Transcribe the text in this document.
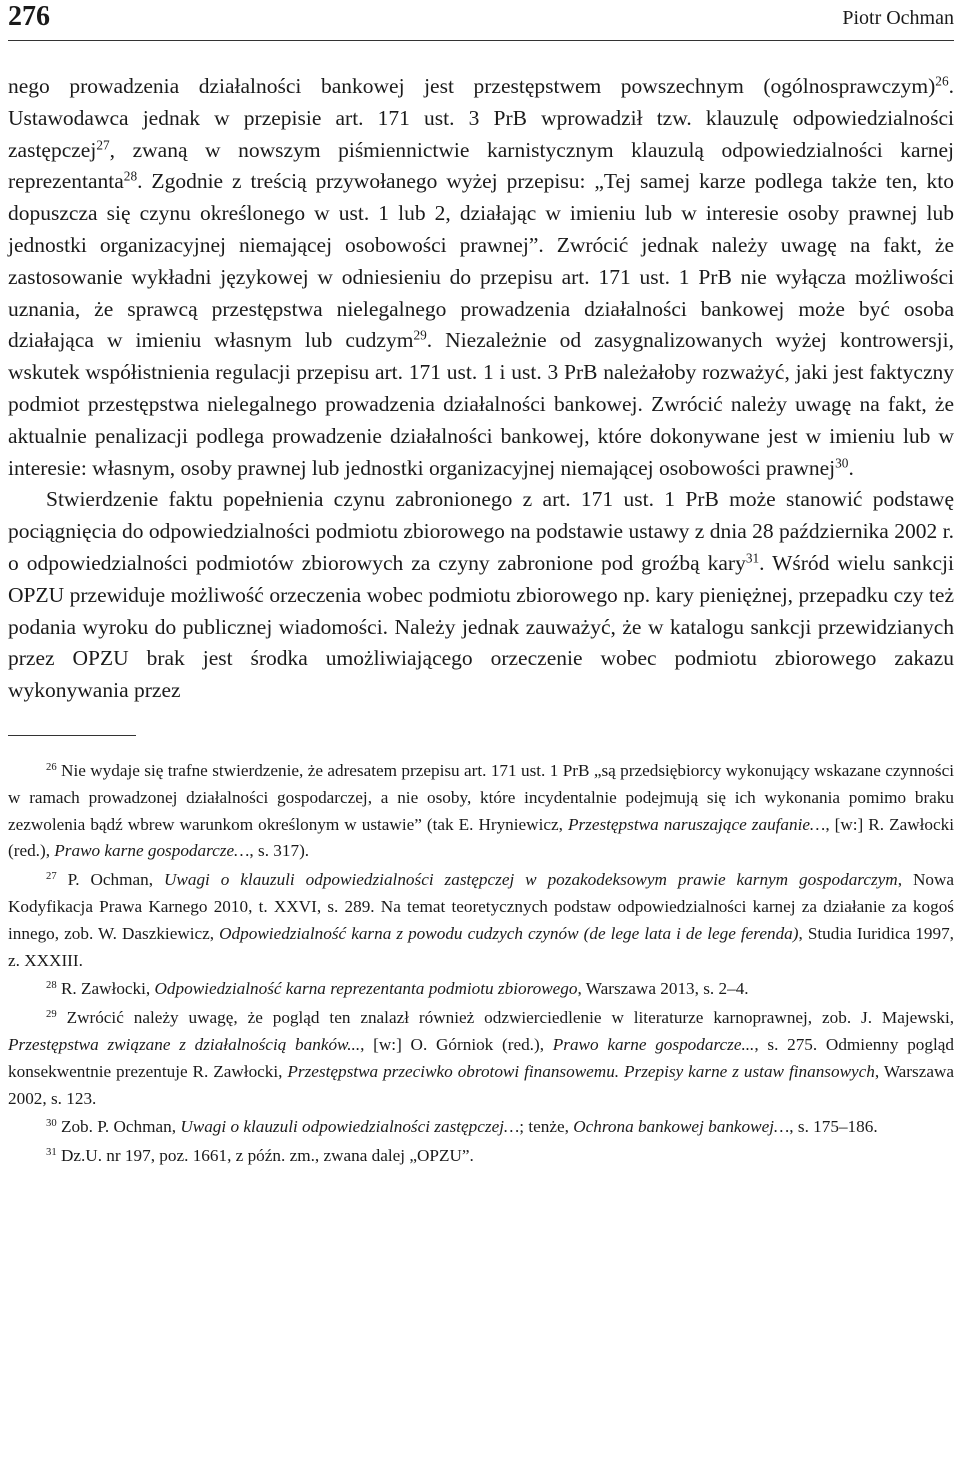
276	Piotr Ochman

nego prowadzenia działalności bankowej jest przestępstwem powszechnym (ogólnosprawczym)$^{26}$. Ustawodawca jednak w przepisie art. 171 ust. 3 PrB wprowadził tzw. klauzulę odpowiedzialności zastępczej$^{27}$, zwaną w nowszym piśmiennictwie karnistycznym klauzulą odpowiedzialności karnej reprezentanta$^{28}$. Zgodnie z treścią przywołanego wyżej przepisu: „Tej samej karze podlega także ten, kto dopuszcza się czynu określonego w ust. 1 lub 2, działając w imieniu lub w interesie osoby prawnej lub jednostki organizacyjnej niemającej osobowości prawnej”. Zwrócić jednak należy uwagę na fakt, że zastosowanie wykładni językowej w odniesieniu do przepisu art. 171 ust. 1 PrB nie wyłącza możliwości uznania, że sprawcą przestępstwa nielegalnego prowadzenia działalności bankowej może być osoba działająca w imieniu własnym lub cudzym$^{29}$. Niezależnie od zasygnalizowanych wyżej kontrowersji, wskutek współistnienia regulacji przepisu art. 171 ust. 1 i ust. 3 PrB należałoby rozważyć, jaki jest faktyczny podmiot przestępstwa nielegalnego prowadzenia działalności bankowej. Zwrócić należy uwagę na fakt, że aktualnie penalizacji podlega prowadzenie działalności bankowej, które dokonywane jest w imieniu lub w interesie: własnym, osoby prawnej lub jednostki organizacyjnej niemającej osobowości prawnej$^{30}$.

Stwierdzenie faktu popełnienia czynu zabronionego z art. 171 ust. 1 PrB może stanowić podstawę pociągnięcia do odpowiedzialności podmiotu zbiorowego na podstawie ustawy z dnia 28 października 2002 r. o odpowiedzialności podmiotów zbiorowych za czyny zabronione pod groźbą kary$^{31}$. Wśród wielu sankcji OPZU przewiduje możliwość orzeczenia wobec podmiotu zbiorowego np. kary pieniężnej, przepadku czy też podania wyroku do publicznej wiadomości. Należy jednak zauważyć, że w katalogu sankcji przewidzianych przez OPZU brak jest środka umożliwiającego orzeczenie wobec podmiotu zbiorowego zakazu wykonywania przez

$^{26}$ Nie wydaje się trafne stwierdzenie, że adresatem przepisu art. 171 ust. 1 PrB „są przedsiębiorcy wykonujący wskazane czynności w ramach prowadzonej działalności gospodarczej, a nie osoby, które incydentalnie podejmują się ich wykonania pomimo braku zezwolenia bądź wbrew warunkom określonym w ustawie” (tak E. Hryniewicz, Przestępstwa naruszające zaufanie…, [w:] R. Zawłocki (red.), Prawo karne gospodarcze…, s. 317).

$^{27}$ P. Ochman, Uwagi o klauzuli odpowiedzialności zastępczej w pozakodeksowym prawie karnym gospodarczym, Nowa Kodyfikacja Prawa Karnego 2010, t. XXVI, s. 289. Na temat teoretycznych podstaw odpowiedzialności karnej za działanie za kogoś innego, zob. W. Daszkiewicz, Odpowiedzialność karna z powodu cudzych czynów (de lege lata i de lege ferenda), Studia Iuridica 1997, z. XXXIII.

$^{28}$ R. Zawłocki, Odpowiedzialność karna reprezentanta podmiotu zbiorowego, Warszawa 2013, s. 2–4.

$^{29}$ Zwrócić należy uwagę, że pogląd ten znalazł również odzwierciedlenie w literaturze karnoprawnej, zob. J. Majewski, Przestępstwa związane z działalnością banków..., [w:] O. Górniok (red.), Prawo karne gospodarcze..., s. 275. Odmienny pogląd konsekwentnie prezentuje R. Zawłocki, Przestępstwa przeciwko obrotowi finansowemu. Przepisy karne z ustaw finansowych, Warszawa 2002, s. 123.

$^{30}$ Zob. P. Ochman, Uwagi o klauzuli odpowiedzialności zastępczej…; tenże, Ochrona bankowej bankowej…, s. 175–186.

$^{31}$ Dz.U. nr 197, poz. 1661, z późn. zm., zwana dalej „OPZU”.
